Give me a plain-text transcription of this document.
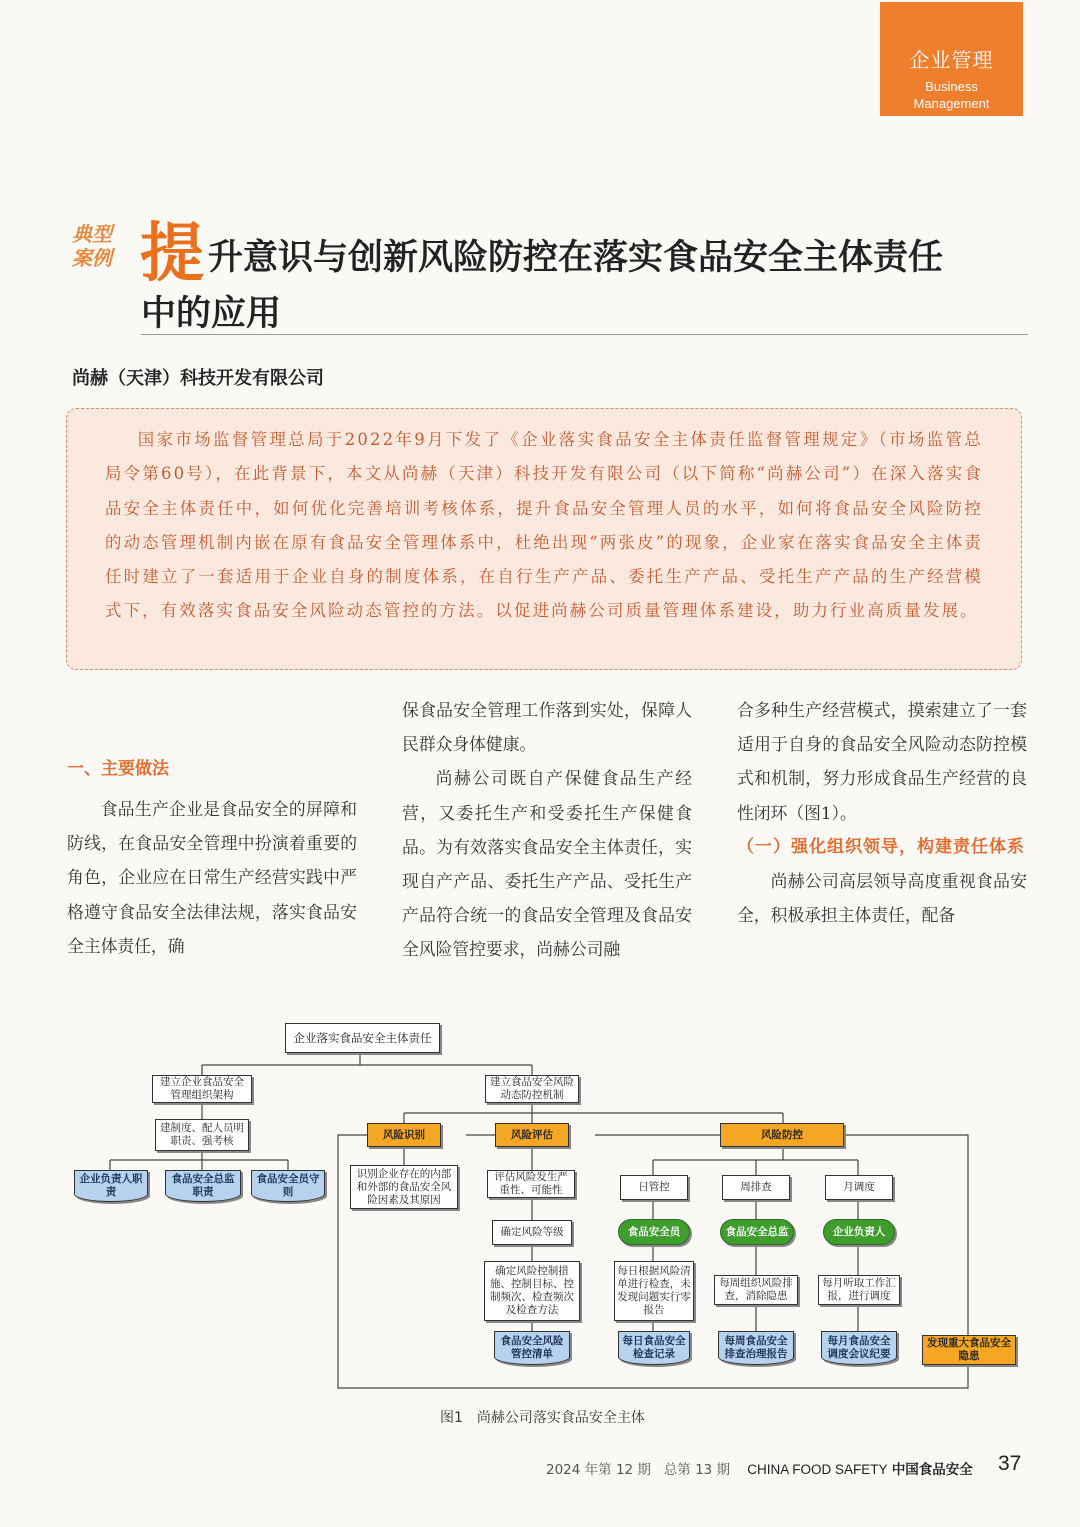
企业管理
Business
Management
典型
案例 提 升意识与创新风险防控在落实食品安全主体责任
中的应用
尚赫（天津）科技开发有限公司

国家市场监督管理总局于2022年9月下发了《企业落实食品安全主体责任监督管理规定》（市场监管总局令第60号），在此背景下，本文从尚赫（天津）科技开发有限公司（以下简称“尚赫公司”）在深入落实食品安全主体责任中，如何优化完善培训考核体系，提升食品安全管理人员的水平，如何将食品安全风险防控的动态管理机制内嵌在原有食品安全管理体系中，杜绝出现“两张皮”的现象，企业家在落实食品安全主体责任时建立了一套适用于企业自身的制度体系，在自行生产产品、委托生产产品、受托生产产品的生产经营模式下，有效落实食品安全风险动态管控的方法。以促进尚赫公司质量管理体系建设，助力行业高质量发展。

一、主要做法

食品生产企业是食品安全的屏障和防线，在食品安全管理中扮演着重要的角色，企业应在日常生产经营实践中严格遵守食品安全法律法规，落实食品安全主体责任，确

保食品安全管理工作落到实处，保障人民群众身体健康。

尚赫公司既自产保健食品生产经营，又委托生产和受委托生产保健食品。为有效落实食品安全主体责任，实现自产产品、委托生产产品、受托生产产品符合统一的食品安全管理及食品安全风险管控要求，尚赫公司融

合多种生产经营模式，摸索建立了一套适用于自身的食品安全风险动态防控模式和机制，努力形成食品生产经营的良性闭环（图1）。

（一）强化组织领导，构建责任体系

尚赫公司高层领导高度重视食品安全，积极承担主体责任，配备

企业落实食品安全主体责任
建立企业食品安全管理组织架构
建立食品安全风险动态防控机制
建制度、配人员明职责、强考核
企业负责人职责
食品安全总监职责
食品安全员守则
风险识别	风险评估	风险防控
识别企业存在的内部和外部的食品安全风险因素及其原因
评估风险发生严重性、可能性
确定风险等级
确定风险控制措施、控制目标、控制频次、检查频次及检查方法
食品安全风险管控清单
日管控	周排查	月调度
食品安全员	食品安全总监	企业负责人
每日根据风险清单进行检查，未发现问题实行零报告
每周组织风险排查，消除隐患
每月听取工作汇报，进行调度
每日食品安全检查记录
每周食品安全排查治理报告
每月食品安全调度会议纪要
发现重大食品安全隐患
图1　尚赫公司落实食品安全主体
2024 年第 12 期 总第 13 期 CHINA FOOD SAFETY 中国食品安全 37
